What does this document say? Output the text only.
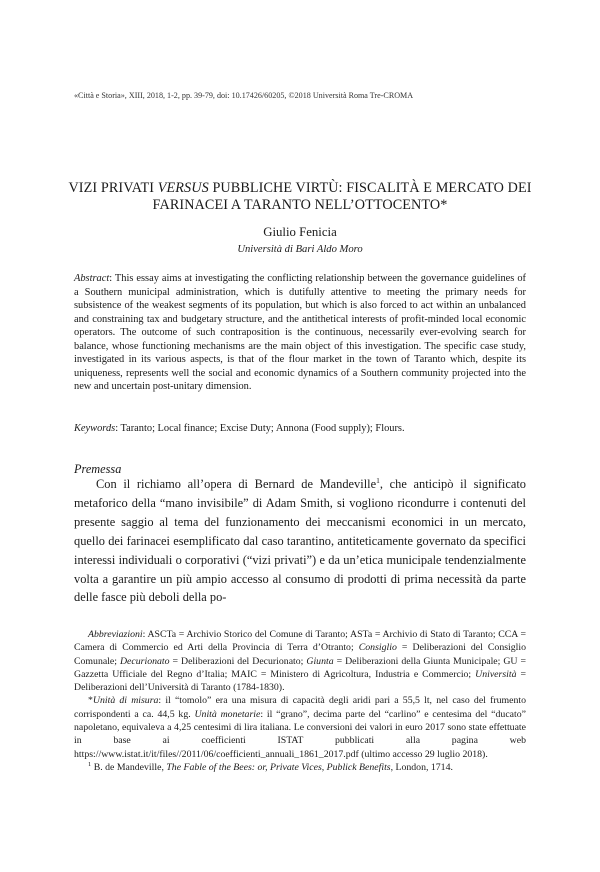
«Città e Storia», XIII, 2018, 1-2, pp. 39-79, doi: 10.17426/60205, ©2018 Università Roma Tre-CROMA
VIZI PRIVATI VERSUS PUBBLICHE VIRTÙ: FISCALITÀ E MERCATO DEI FARINACEI A TARANTO NELL’OTTOCENTO*
Giulio Fenicia
Università di Bari Aldo Moro
Abstract: This essay aims at investigating the conflicting relationship between the governance guidelines of a Southern municipal administration, which is dutifully attentive to meeting the primary needs for subsistence of the weakest segments of its population, but which is also forced to act within an unbalanced and constraining tax and budgetary structure, and the antithetical interests of profit-minded local economic operators. The outcome of such contraposition is the continuous, necessarily ever-evolving search for balance, whose functioning mechanisms are the main object of this investigation. The specific case study, investigated in its various aspects, is that of the flour market in the town of Taranto which, despite its uniqueness, represents well the social and economic dynamics of a Southern community projected into the new and uncertain post-unitary dimension.
Keywords: Taranto; Local finance; Excise Duty; Annona (Food supply); Flours.
Premessa
Con il richiamo all’opera di Bernard de Mandeville$^1$, che anticipò il significato metaforico della “mano invisibile” di Adam Smith, si vogliono ricondurre i contenuti del presente saggio al tema del funzionamento dei meccanismi economici in un mercato, quello dei farinacei esemplificato dal caso tarantino, antiteticamente governato da specifici interessi individuali o corporativi (“vizi privati”) e da un’etica municipale tendenzialmente volta a garantire un più ampio accesso al consumo di prodotti di prima necessità da parte delle fasce più deboli della po-

Abbreviazioni: ASCTa = Archivio Storico del Comune di Taranto; ASTa = Archivio di Stato di Taranto; CCA = Camera di Commercio ed Arti della Provincia di Terra d’Otranto; Consiglio = Deliberazioni del Consiglio Comunale; Decurionato = Deliberazioni del Decurionato; Giunta = Deliberazioni della Giunta Municipale; GU = Gazzetta Ufficiale del Regno d’Italia; MAIC = Ministero di Agricoltura, Industria e Commercio; Università = Deliberazioni dell’Università di Taranto (1784-1830).

*Unità di misura: il “tomolo” era una misura di capacità degli aridi pari a 55,5 lt, nel caso del frumento corrispondenti a ca. 44,5 kg. Unità monetarie: il “grano”, decima parte del “carlino” e centesima del “ducato” napoletano, equivaleva a 4,25 centesimi di lira italiana. Le conversioni dei valori in euro 2017 sono state effettuate in base ai coefficienti ISTAT pubblicati alla pagina web https://www.istat.it/it/files//2011/06/coefficienti_annuali_1861_2017.pdf (ultimo accesso 29 luglio 2018).

$^1$ B. de Mandeville, The Fable of the Bees: or, Private Vices, Publick Benefits, London, 1714.
